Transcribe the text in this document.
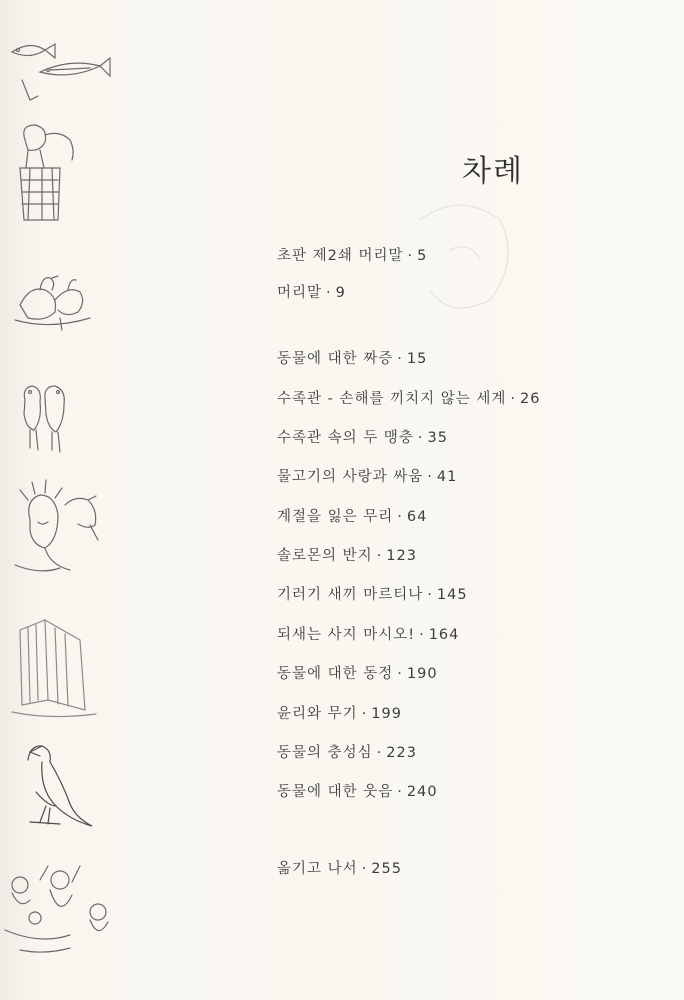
차례
초판 제2쇄 머리말 · 5
머리말 · 9
동물에 대한 짜증 · 15
수족관 - 손해를 끼치지 않는 세계 · 26
수족관 속의 두 맹충 · 35
물고기의 사랑과 싸움 · 41
계절을 잃은 무리 · 64
솔로몬의 반지 · 123
기러기 새끼 마르티나 · 145
되새는 사지 마시오! · 164
동물에 대한 동정 · 190
윤리와 무기 · 199
동물의 충성심 · 223
동물에 대한 웃음 · 240
옮기고 나서 · 255
